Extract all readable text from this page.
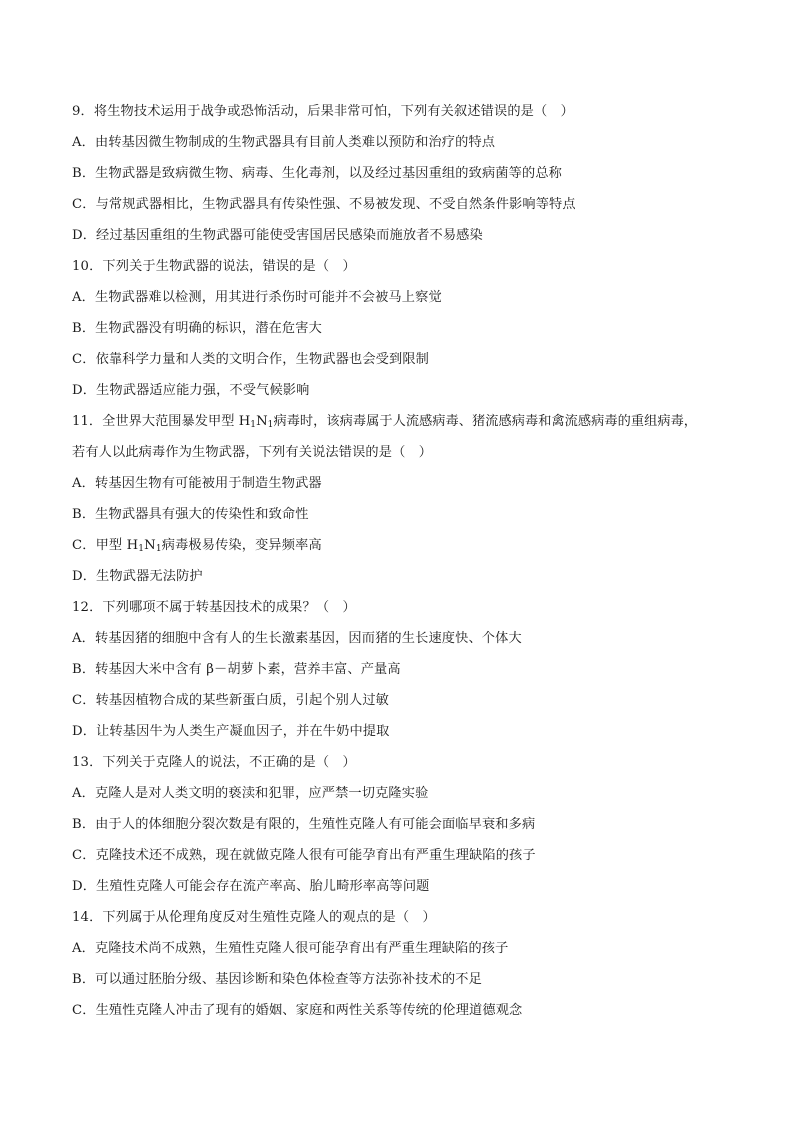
9．将生物技术运用于战争或恐怖活动，后果非常可怕，下列有关叙述错误的是（　）
A．由转基因微生物制成的生物武器具有目前人类难以预防和治疗的特点
B．生物武器是致病微生物、病毒、生化毒剂，以及经过基因重组的致病菌等的总称
C．与常规武器相比，生物武器具有传染性强、不易被发现、不受自然条件影响等特点
D．经过基因重组的生物武器可能使受害国居民感染而施放者不易感染
10．下列关于生物武器的说法，错误的是（　）
A．生物武器难以检测，用其进行杀伤时可能并不会被马上察觉
B．生物武器没有明确的标识，潜在危害大
C．依靠科学力量和人类的文明合作，生物武器也会受到限制
D．生物武器适应能力强，不受气候影响
11．全世界大范围暴发甲型 $H_1N_1$病毒时，该病毒属于人流感病毒、猪流感病毒和禽流感病毒的重组病毒，
若有人以此病毒作为生物武器，下列有关说法错误的是（　）
A．转基因生物有可能被用于制造生物武器
B．生物武器具有强大的传染性和致命性
C．甲型 $H_1N_1$病毒极易传染，变异频率高
D．生物武器无法防护
12．下列哪项不属于转基因技术的成果？（　）
A．转基因猪的细胞中含有人的生长激素基因，因而猪的生长速度快、个体大
B．转基因大米中含有 β－胡萝卜素，营养丰富、产量高
C．转基因植物合成的某些新蛋白质，引起个别人过敏
D．让转基因牛为人类生产凝血因子，并在牛奶中提取
13．下列关于克隆人的说法，不正确的是（　）
A．克隆人是对人类文明的亵渎和犯罪，应严禁一切克隆实验
B．由于人的体细胞分裂次数是有限的，生殖性克隆人有可能会面临早衰和多病
C．克隆技术还不成熟，现在就做克隆人很有可能孕育出有严重生理缺陷的孩子
D．生殖性克隆人可能会存在流产率高、胎儿畸形率高等问题
14．下列属于从伦理角度反对生殖性克隆人的观点的是（　）
A．克隆技术尚不成熟，生殖性克隆人很可能孕育出有严重生理缺陷的孩子
B．可以通过胚胎分级、基因诊断和染色体检查等方法弥补技术的不足
C．生殖性克隆人冲击了现有的婚姻、家庭和两性关系等传统的伦理道德观念
